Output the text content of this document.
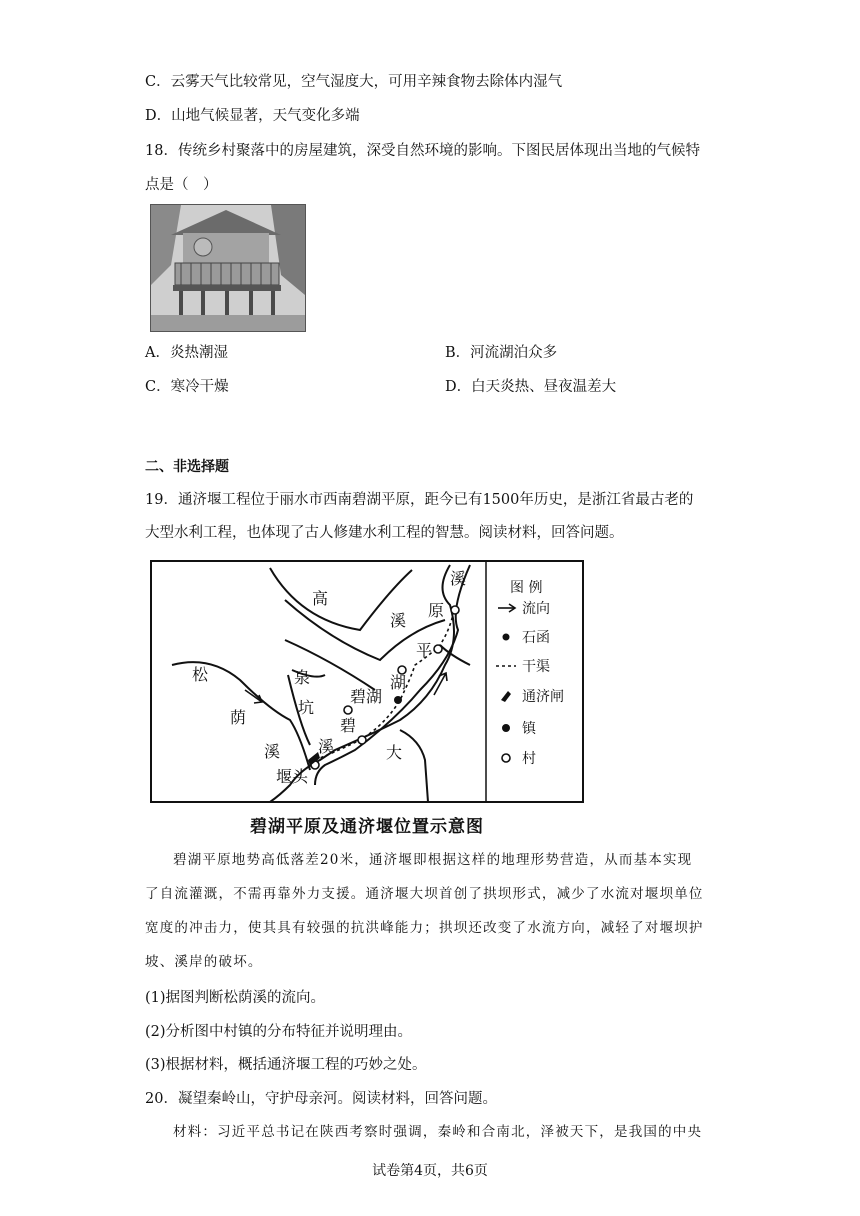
C．云雾天气比较常见，空气湿度大，可用辛辣食物去除体内湿气
D．山地气候显著，天气变化多端
18．传统乡村聚落中的房屋建筑，深受自然环境的影响。下图民居体现出当地的气候特
点是（　）
A．炎热潮湿	B．河流湖泊众多
C．寒冷干燥	D．白天炎热、昼夜温差大
二、非选择题
19．通济堰工程位于丽水市西南碧湖平原，距今已有1500年历史，是浙江省最古老的
大型水利工程，也体现了古人修建水利工程的智慧。阅读材料，回答问题。
溪
高
溪
原
平
湖
松
荫
溪
泉
坑
溪
碧湖
碧
大
堰头
图 例
流向
石函
干渠
通济闸
镇
村
碧湖平原及通济堰位置示意图
碧湖平原地势高低落差20米，通济堰即根据这样的地理形势营造，从而基本实现
了自流灌溉，不需再靠外力支援。通济堰大坝首创了拱坝形式，减少了水流对堰坝单位
宽度的冲击力，使其具有较强的抗洪峰能力；拱坝还改变了水流方向，减轻了对堰坝护
坡、溪岸的破坏。
(1)据图判断松荫溪的流向。
(2)分析图中村镇的分布特征并说明理由。
(3)根据材料，概括通济堰工程的巧妙之处。
20．凝望秦岭山，守护母亲河。阅读材料，回答问题。
材料：习近平总书记在陕西考察时强调，秦岭和合南北，泽被天下，是我国的中央
试卷第4页，共6页
